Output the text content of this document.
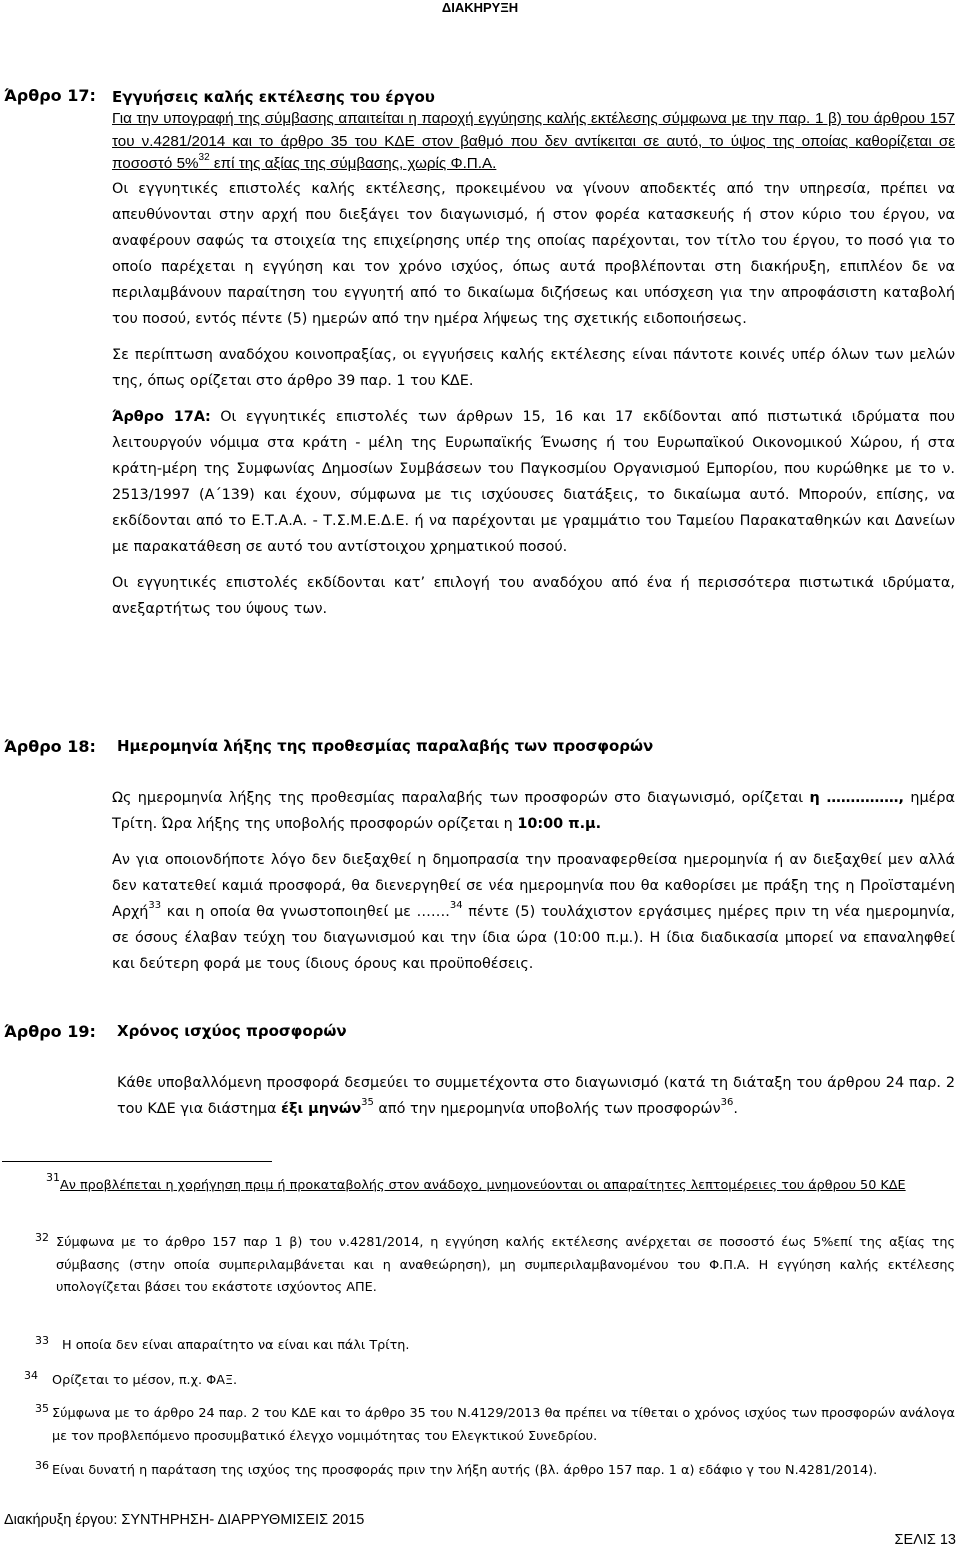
ΔΙΑΚΗΡΥΞΗ
Άρθρο 17: Εγγυήσεις καλής εκτέλεσης του έργου
Για την υπογραφή της σύμβασης απαιτείται η παροχή εγγύησης καλής εκτέλεσης σύμφωνα με την παρ. 1 β) του άρθρου 157 του ν.4281/2014 και το άρθρο 35 του ΚΔΕ στον βαθμό που δεν αντίκειται σε αυτό, το ύψος της οποίας καθορίζεται σε ποσοστό 5%$^{32}$ επί της αξίας της σύμβασης, χωρίς Φ.Π.Α.

Οι εγγυητικές επιστολές καλής εκτέλεσης, προκειμένου να γίνουν αποδεκτές από την υπηρεσία, πρέπει να απευθύνονται στην αρχή που διεξάγει τον διαγωνισμό, ή στον φορέα κατασκευής ή στον κύριο του έργου, να αναφέρουν σαφώς τα στοιχεία της επιχείρησης υπέρ της οποίας παρέχονται, τον τίτλο του έργου, το ποσό για το οποίο παρέχεται η εγγύηση και τον χρόνο ισχύος, όπως αυτά προβλέπονται στη διακήρυξη, επιπλέον δε να περιλαμβάνουν παραίτηση του εγγυητή από το δικαίωμα διζήσεως και υπόσχεση για την απροφάσιστη καταβολή του ποσού, εντός πέντε (5) ημερών από την ημέρα λήψεως της σχετικής ειδοποιήσεως.

Σε περίπτωση αναδόχου κοινοπραξίας, οι εγγυήσεις καλής εκτέλεσης είναι πάντοτε κοινές υπέρ όλων των μελών της, όπως ορίζεται στο άρθρο 39 παρ. 1 του ΚΔΕ.

Άρθρο 17Α: Οι εγγυητικές επιστολές των άρθρων 15, 16 και 17 εκδίδονται από πιστωτικά ιδρύματα που λειτουργούν νόμιμα στα κράτη - μέλη της Ευρωπαϊκής Ένωσης ή του Ευρωπαϊκού Οικονομικού Χώρου, ή στα κράτη-μέρη της Συμφωνίας Δημοσίων Συμβάσεων του Παγκοσμίου Οργανισμού Εμπορίου, που κυρώθηκε με το ν. 2513/1997 (Α΄139) και έχουν, σύμφωνα με τις ισχύουσες διατάξεις, το δικαίωμα αυτό. Μπορούν, επίσης, να εκδίδονται από το Ε.Τ.Α.Α. - Τ.Σ.Μ.Ε.Δ.Ε. ή να παρέχονται με γραμμάτιο του Ταμείου Παρακαταθηκών και Δανείων με παρακατάθεση σε αυτό του αντίστοιχου χρηματικού ποσού.

Οι εγγυητικές επιστολές εκδίδονται κατ’ επιλογή του αναδόχου από ένα ή περισσότερα πιστωτικά ιδρύματα, ανεξαρτήτως του ύψους των.

Άρθρο 18: Ημερομηνία λήξης της προθεσμίας παραλαβής των προσφορών

Ως ημερομηνία λήξης της προθεσμίας παραλαβής των προσφορών στο διαγωνισμό, ορίζεται η ……………, ημέρα Τρίτη. Ώρα λήξης της υποβολής προσφορών ορίζεται η 10:00 π.μ.

Αν για οποιονδήποτε λόγο δεν διεξαχθεί η δημοπρασία την προαναφερθείσα ημερομηνία ή αν διεξαχθεί μεν αλλά δεν κατατεθεί καμιά προσφορά, θα διενεργηθεί σε νέα ημερομηνία που θα καθορίσει με πράξη της η Προϊσταμένη Αρχή$^{33}$ και η οποία θα γνωστοποιηθεί με …….$^{34}$ πέντε (5) τουλάχιστον εργάσιμες ημέρες πριν τη νέα ημερομηνία, σε όσους έλαβαν τεύχη του διαγωνισμού και την ίδια ώρα (10:00 π.μ.). Η ίδια διαδικασία μπορεί να επαναληφθεί και δεύτερη φορά με τους ίδιους όρους και προϋποθέσεις.

Άρθρο 19: Χρόνος ισχύος προσφορών

Κάθε υποβαλλόμενη προσφορά δεσμεύει το συμμετέχοντα στο διαγωνισμό (κατά τη διάταξη του άρθρου 24 παρ. 2 του ΚΔΕ για διάστημα έξι μηνών$^{35}$ από την ημερομηνία υποβολής των προσφορών$^{36}$.

31
Αν προβλέπεται η χορήγηση πριμ ή προκαταβολής στον ανάδοχο, μνημονεύονται οι απαραίτητες λεπτομέρειες του άρθρου 50 ΚΔΕ
32 Σύμφωνα με το άρθρο 157 παρ 1 β) του ν.4281/2014, η εγγύηση καλής εκτέλεσης ανέρχεται σε ποσοστό έως 5%επί της αξίας της σύμβασης (στην οποία συμπεριλαμβάνεται και η αναθεώρηση), μη συμπεριλαμβανομένου του Φ.Π.Α. Η εγγύηση καλής εκτέλεσης υπολογίζεται βάσει του εκάστοτε ισχύοντος ΑΠΕ.
33 Η οποία δεν είναι απαραίτητο να είναι και πάλι Τρίτη.
34 Ορίζεται το μέσον, π.χ. ΦΑΞ.
35 Σύμφωνα με το άρθρο 24 παρ. 2 του ΚΔΕ και το άρθρο 35 του Ν.4129/2013 θα πρέπει να τίθεται ο χρόνος ισχύος των προσφορών ανάλογα με τον προβλεπόμενο προσυμβατικό έλεγχο νομιμότητας του Ελεγκτικού Συνεδρίου.
36 Είναι δυνατή η παράταση της ισχύος της προσφοράς πριν την λήξη αυτής (βλ. άρθρο 157 παρ. 1 α) εδάφιο γ του Ν.4281/2014).
Διακήρυξη έργου: ΣΥΝΤΗΡΗΣΗ- ΔΙΑΡΡΥΘΜΙΣΕΙΣ 2015
ΣΕΛΙΣ 13
